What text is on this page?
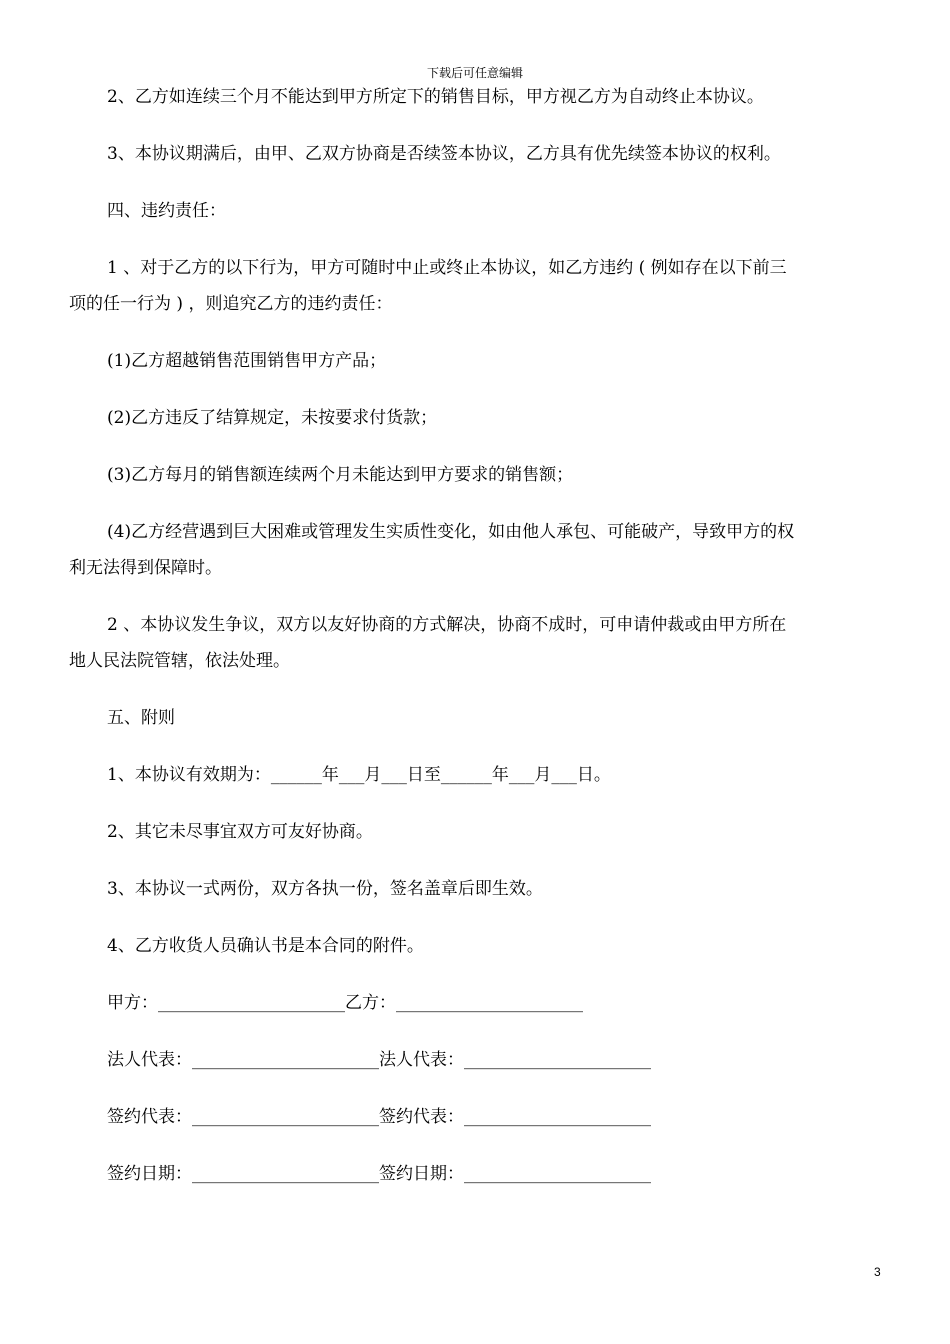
下载后可任意编辑
2、乙方如连续三个月不能达到甲方所定下的销售目标，甲方视乙方为自动终止本协议。
3、本协议期满后，由甲、乙双方协商是否续签本协议，乙方具有优先续签本协议的权利。
四、违约责任：
1 、对于乙方的以下行为，甲方可随时中止或终止本协议，如乙方违约 ( 例如存在以下前三
项的任一行为 ) ，则追究乙方的违约责任：
(1)乙方超越销售范围销售甲方产品；
(2)乙方违反了结算规定，未按要求付货款；
(3)乙方每月的销售额连续两个月未能达到甲方要求的销售额；
(4)乙方经营遇到巨大困难或管理发生实质性变化，如由他人承包、可能破产，导致甲方的权
利无法得到保障时。
2 、本协议发生争议，双方以友好协商的方式解决，协商不成时，可申请仲裁或由甲方所在
地人民法院管辖，依法处理。
五、附则
1、本协议有效期为：______年___月___日至______年___月___日。
2、其它未尽事宜双方可友好协商。
3、本协议一式两份，双方各执一份，签名盖章后即生效。
4、乙方收货人员确认书是本合同的附件。
甲方：______________________乙方：______________________
法人代表：______________________法人代表：______________________
签约代表：______________________签约代表：______________________
签约日期：______________________签约日期：______________________
3
